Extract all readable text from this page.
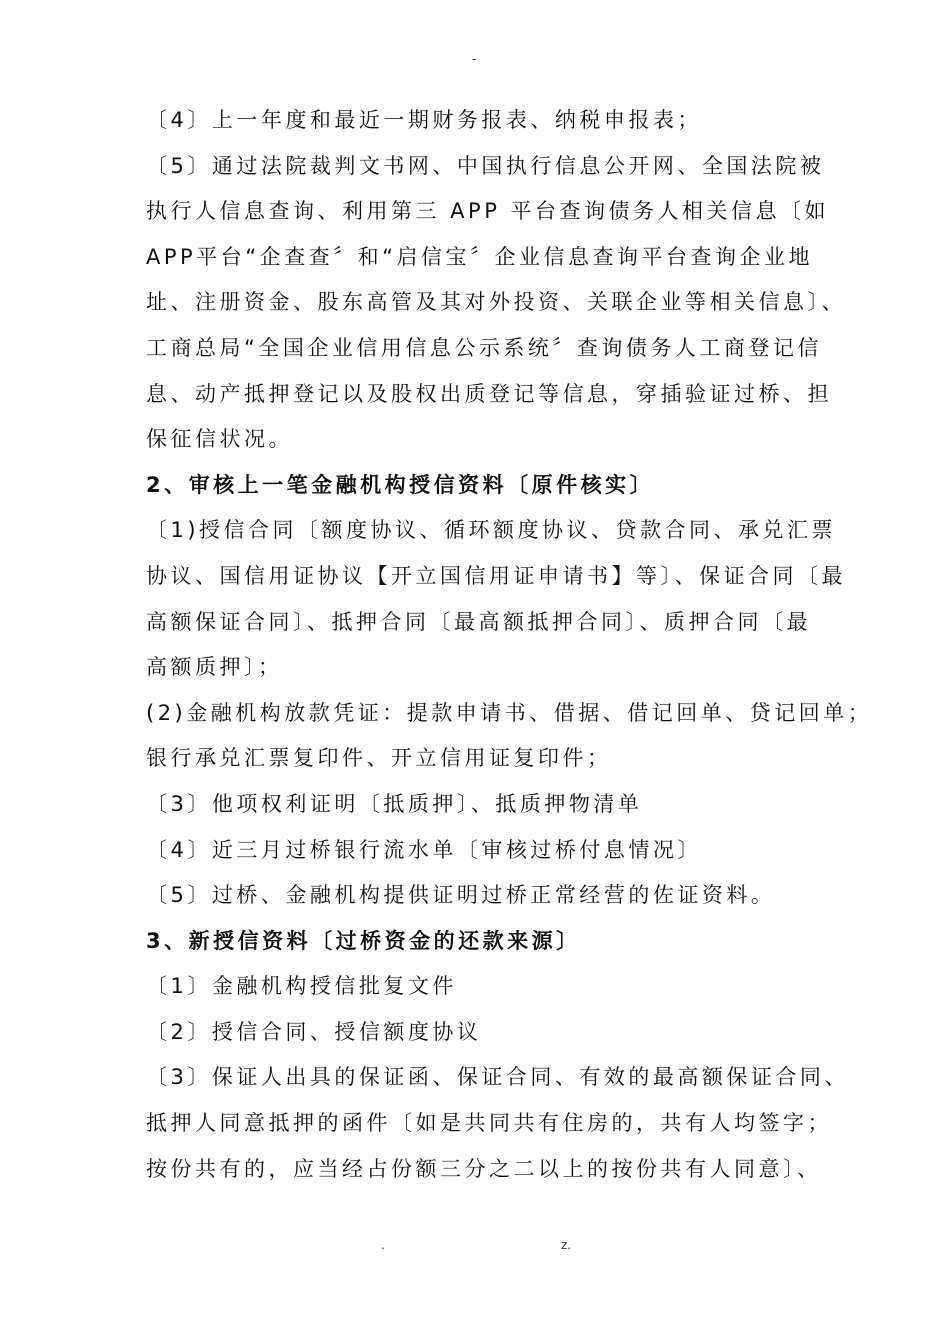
-
〔4〕上一年度和最近一期财务报表、纳税申报表；
〔5〕通过法院裁判文书网、中国执行信息公开网、全国法院被
执行人信息查询、利用第三 APP 平台查询债务人相关信息〔如
APP平台“企查查〞和“启信宝〞企业信息查询平台查询企业地
址、注册资金、股东高管及其对外投资、关联企业等相关信息〕、
工商总局“全国企业信用信息公示系统〞查询债务人工商登记信
息、动产抵押登记以及股权出质登记等信息，穿插验证过桥、担
保征信状况。
2、审核上一笔金融机构授信资料〔原件核实〕
〔1)授信合同〔额度协议、循环额度协议、贷款合同、承兑汇票
协议、国信用证协议【开立国信用证申请书】等〕、保证合同〔最
高额保证合同〕、抵押合同〔最高额抵押合同〕、质押合同〔最
高额质押〕；
(2)金融机构放款凭证：提款申请书、借据、借记回单、贷记回单；
银行承兑汇票复印件、开立信用证复印件；
〔3〕他项权利证明〔抵质押〕、抵质押物清单
〔4〕近三月过桥银行流水单〔审核过桥付息情况〕
〔5〕过桥、金融机构提供证明过桥正常经营的佐证资料。
3、新授信资料〔过桥资金的还款来源〕
〔1〕金融机构授信批复文件
〔2〕授信合同、授信额度协议
〔3〕保证人出具的保证函、保证合同、有效的最高额保证合同、
抵押人同意抵押的函件〔如是共同共有住房的，共有人均签字；
按份共有的，应当经占份额三分之二以上的按份共有人同意〕、
.	z.
